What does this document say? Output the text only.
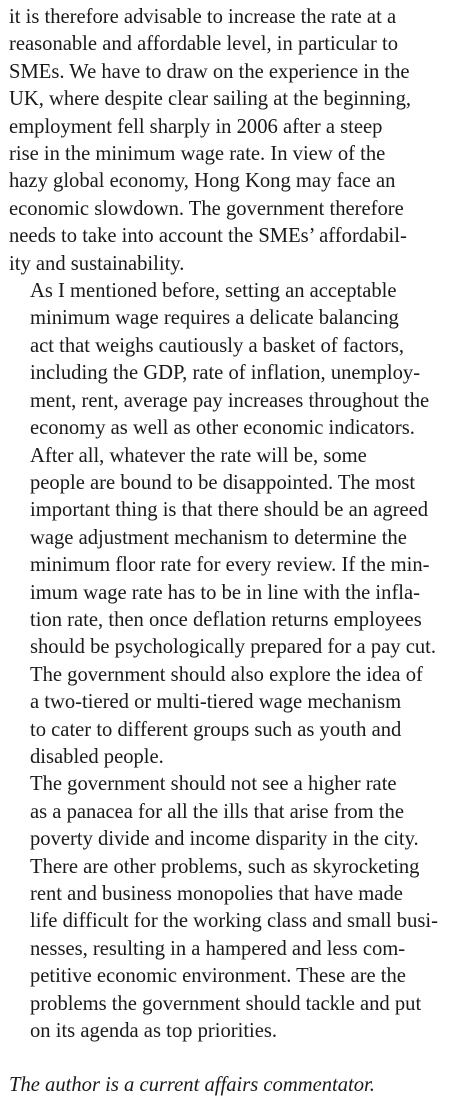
it is therefore advisable to increase the rate at a
reasonable and affordable level, in particular to
SMEs. We have to draw on the experience in the
UK, where despite clear sailing at the beginning,
employment fell sharply in 2006 after a steep
rise in the minimum wage rate. In view of the
hazy global economy, Hong Kong may face an
economic slowdown. The government therefore
needs to take into account the SMEs’ affordabil-
ity and sustainability.

As I mentioned before, setting an acceptable
minimum wage requires a delicate balancing
act that weighs cautiously a basket of factors,
including the GDP, rate of inflation, unemploy-
ment, rent, average pay increases throughout the
economy as well as other economic indicators.

After all, whatever the rate will be, some
people are bound to be disappointed. The most
important thing is that there should be an agreed
wage adjustment mechanism to determine the
minimum floor rate for every review. If the min-
imum wage rate has to be in line with the infla-
tion rate, then once deflation returns employees
should be psychologically prepared for a pay cut.
The government should also explore the idea of
a two-tiered or multi-tiered wage mechanism
to cater to different groups such as youth and
disabled people.

The government should not see a higher rate
as a panacea for all the ills that arise from the
poverty divide and income disparity in the city.
There are other problems, such as skyrocketing
rent and business monopolies that have made
life difficult for the working class and small busi-
nesses, resulting in a hampered and less com-
petitive economic environment. These are the
problems the government should tackle and put
on its agenda as top priorities.

The author is a current affairs commentator.
